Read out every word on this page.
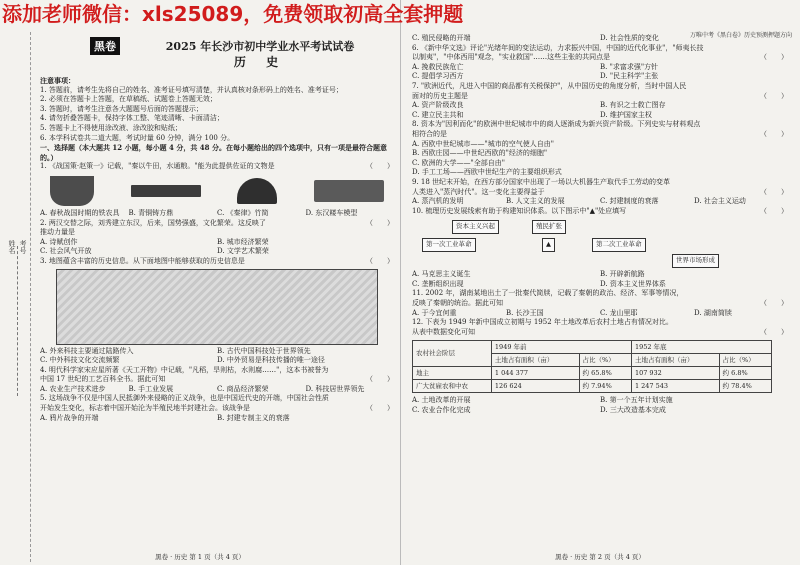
添加老师微信：xls25089，免费领取初高全套押题
考号
姓名
黑卷	2025 年长沙市初中学业水平考试试卷
历 史

注意事项：

1. 答题前，请考生先将自己的姓名、准考证号填写清楚，并认真核对条形码上的姓名、准考证号；

2. 必须在答题卡上答题，在草稿纸、试题卷上答题无效；

3. 答题时，请考生注意各大题题号后面的答题提示；

4. 请勿折叠答题卡，保持字体工整、笔迹清晰、卡面清洁；

5. 答题卡上不得使用涂改液、涂改胶和贴纸；

6. 本学科试卷共二道大题，考试时量 60 分钟，满分 100 分。

一、选择题（本大题共 12 小题，每小题 4 分，共 48 分。在每小题给出的四个选项中，只有一项是最符合题意的。）

1. 《战国策·赵策一》记载，"秦以牛田，水通粮。"能为此提供佐证的文物是	（　　）

A. 春秋战国时期的铁农具	B. 青铜铸方鼎	C. 《秦律》竹简	D. 东汉耧车模型

2. 两汉交替之际，刘秀建立东汉，后来，国势强盛，文化繁荣。这反映了	（　　）

推动力量是

A. 诗赋创作	B. 城市经济繁荣
C. 社会风气开放	D. 文学艺术繁荣

3. 地图蕴含丰富的历史信息。从下面地图中能够获取的历史信息是	（　　）

A. 外来科技主要通过陆路传入	B. 古代中国科技处于世界领先
C. 中外科技文化交流频繁	D. 中外贸易是科技传播的唯一途径

4. 明代科学家宋应星所著《天工开物》中记载，"凡稻，旱则枯，水则腐……"，这本书被誉为

中国 17 世纪的工艺百科全书。据此可知	（　　）

A. 农业生产技术进步	B. 手工业发展	C. 商品经济繁荣	D. 科技居世界领先

5. 这场战争不仅是中国人民抵御外来侵略的正义战争，也是中国近代史的开端，中国社会性质

开始发生变化，标志着中国开始沦为半殖民地半封建社会。该战争是	（　　）

A. 鸦片战争的开端	B. 封建专制主义的衰落
黑卷 · 历史 第 1 页（共 4 页）
万唯中考《黑白卷》历史预测押题方向
C. 殖民侵略的开端	D. 社会性质的变化

6. 《新中华文选》评论"光绪年间的变法运动，力求振兴中国，中国的近代化事业"，"师夷长技

以制夷"，"中体西用"观念，"实业救国"……这些主张的共同点是	（　　）

A. 挽救民族危亡	B. "求富求强"方针
C. 提倡学习西方	D. "民主科学"主张

7. "欧洲近代，凡进入中国的商品都有关税保护"，从中国历史的角度分析，当时中国人民

面对的历史主题是	（　　）

A. 资产阶级改良	B. 有识之士救亡图存
C. 建立民主共和	D. 维护国家主权

8. 资本为"因利而化"的欧洲中世纪城市中的商人逐渐成为新兴资产阶级。下列史实与材料观点

相符合的是	（　　）

A. 西欧中世纪城市——"城市的空气使人自由"

B. 西欧庄园——中世纪西欧的"经济的细胞"

C. 欧洲的大学——"全部自由"

D. 手工工场——西欧中世纪生产的主要组织形式

9. 18 世纪末开始，在西方部分国家中出现了一场以大机器生产取代手工劳动的变革

人类进入"蒸汽时代"。这一变化主要得益于	（　　）

A. 蒸汽机的发明	B. 人文主义的发展	C. 封建制度的衰落	D. 社会主义运动

10. 梳理历史发展线索有助于构建知识体系。以下图示中"▲"处应填写	（　　）

资本主义兴起	殖民扩张
第一次工业革命	▲	第二次工业革命
世界市场形成
A. 马克思主义诞生	B. 开辟新航路
C. 垄断组织出现	D. 资本主义世界体系

11. 2002 年，湖南某地出土了一批秦代简牍，记载了秦朝的政治、经济、军事等情况，

反映了秦朝的统治。据此可知	（　　）

A. 于今宜何重	B. 长沙王国	C. 龙山里耶	D. 湖南简牍

12. 下表为 1949 年新中国成立初期与 1952 年土地改革后农村土地占有情况对比。

从表中数据变化可知	（　　）

农村社会阶层	1949 年前		1952 年底	
	土地占有面积（亩）	占比（%）	土地占有面积（亩）	占比（%）
地主	1 044 377	约 65.8%	107 932	约 6.8%
广大贫雇农和中农	126 624	约 7.94%	1 247 543	约 78.4%
A. 土地改革的开展	B. 第一个五年计划实施
C. 农业合作化完成	D. 三大改造基本完成
黑卷 · 历史 第 2 页（共 4 页）
